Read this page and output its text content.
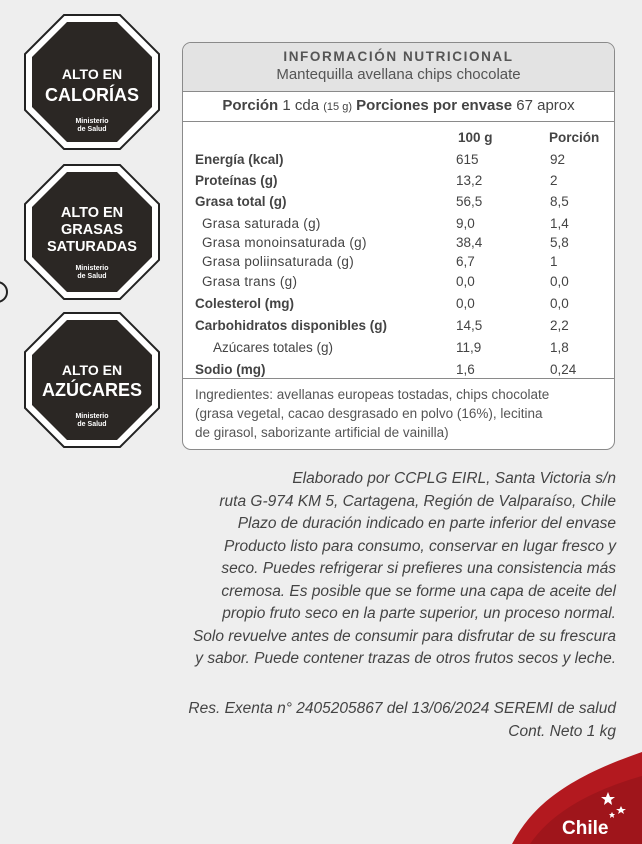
ALTO EN
CALORÍAS
Ministerio
de Salud
ALTO EN
GRASAS
SATURADAS
Ministerio
de Salud
ALTO EN
AZÚCARES
Ministerio
de Salud
INFORMACIÓN NUTRICIONAL
Mantequilla avellana chips chocolate
Porción 1 cda (15 g) Porciones por envase 67 aprox
100 g	Porción
Energía (kcal)	615	92
Proteínas (g)	13,2	2
Grasa total (g)	56,5	8,5
Grasa saturada (g)	9,0	1,4
Grasa monoinsaturada (g)	38,4	5,8
Grasa poliinsaturada (g)	6,7	1
Grasa trans (g)	0,0	0,0
Colesterol (mg)	0,0	0,0
Carbohidratos disponibles (g)	14,5	2,2
Azúcares totales (g)	11,9	1,8
Sodio (mg)	1,6	0,24
Ingredientes: avellanas europeas tostadas, chips chocolate
(grasa vegetal, cacao desgrasado en polvo (16%), lecitina
de girasol, saborizante artificial de vainilla)
Elaborado por CCPLG EIRL, Santa Victoria s/n
ruta G-974 KM 5, Cartagena, Región de Valparaíso, Chile
Plazo de duración indicado en parte inferior del envase
Producto listo para consumo, conservar en lugar fresco y
seco. Puedes refrigerar si prefieres una consistencia más
cremosa. Es posible que se forme una capa de aceite del
propio fruto seco en la parte superior, un proceso normal.
Solo revuelve antes de consumir para disfrutar de su frescura
y sabor. Puede contener trazas de otros frutos secos y leche.
Res. Exenta n° 2405205867 del 13/06/2024 SEREMI de salud
Cont. Neto 1 kg
Chile
